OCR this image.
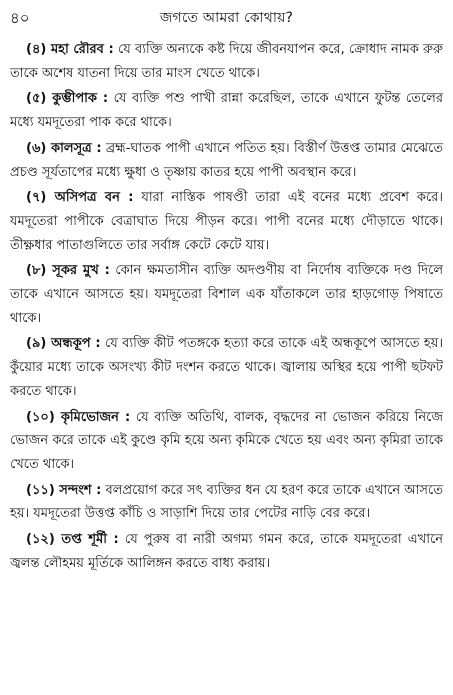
৪০	জগতে আমরা কোথায়?

(৪) মহা রৌরব : যে ব্যক্তি অন্যকে কষ্ট দিয়ে জীবনযাপন করে, ক্রোধাদ নামক রুরু তাকে অশেষ যাতনা দিয়ে তার মাংস খেতে থাকে।

(৫) কুম্ভীপাক : যে ব্যক্তি পশু পাখী রান্না করেছিল, তাকে এখানে ফুটন্ত তেলের মধ্যে যমদূতেরা পাক করে থাকে।

(৬) কালসূত্র : ব্রহ্ম-ঘাতক পাপী এখানে পতিত হয়। বিস্তীর্ণ উত্তপ্ত তামার মেঝেতে প্রচণ্ড সূর্যতাপের মধ্যে ক্ষুধা ও তৃষ্ণায় কাতর হয়ে পাপী অবস্থান করে।

(৭) অসিপত্র বন : যারা নাস্তিক পাষণ্ডী তারা এই বনের মধ্যে প্রবেশ করে। যমদূতেরা পাপীকে বেত্রাঘাত দিয়ে পীড়ন করে। পাপী বনের মধ্যে দৌড়াতে থাকে। তীক্ষ্ণধার পাতাগুলিতে তার সর্বাঙ্গ কেটে কেটে যায়।

(৮) সূকর মুখ : কোন ক্ষমতাসীন ব্যক্তি অদণ্ডণীয় বা নির্দোষ ব্যক্তিকে দণ্ড দিলে তাকে এখানে আসতে হয়। যমদূতেরা বিশাল এক যাঁতাকলে তার হাড়গোড় পিষাতে থাকে।

(৯) অন্ধকূপ : যে ব্যক্তি কীট পতঙ্গকে হত্যা করে তাকে এই অন্ধকূপে আসতে হয়। কুঁয়োর মধ্যে তাকে অসংখ্য কীট দংশন করতে থাকে। জ্বালায় অস্থির হয়ে পাপী ছটফট করতে থাকে।

(১০) কৃমিভোজন : যে ব্যক্তি অতিথি, বালক, বৃদ্ধদের না ভোজন করিয়ে নিজে ভোজন করে তাকে এই কুণ্ডে কৃমি হয়ে অন্য কৃমিকে খেতে হয় এবং অন্য কৃমিরা তাকে খেতে থাকে।

(১১) সন্দংশ : বলপ্রয়োগ করে সৎ ব্যক্তির ধন যে হরণ করে তাকে এখানে আসতে হয়। যমদূতেরা উত্তপ্ত কাঁচি ও সাড়াশি দিয়ে তার পেটের নাড়ি বের করে।

(১২) তপ্ত শূর্মী : যে পুরুষ বা নারী অগম্য গমন করে, তাকে যমদূতেরা এখানে জ্বলন্ত লৌহময় মূর্তিকে আলিঙ্গন করতে বাধ্য করায়।
